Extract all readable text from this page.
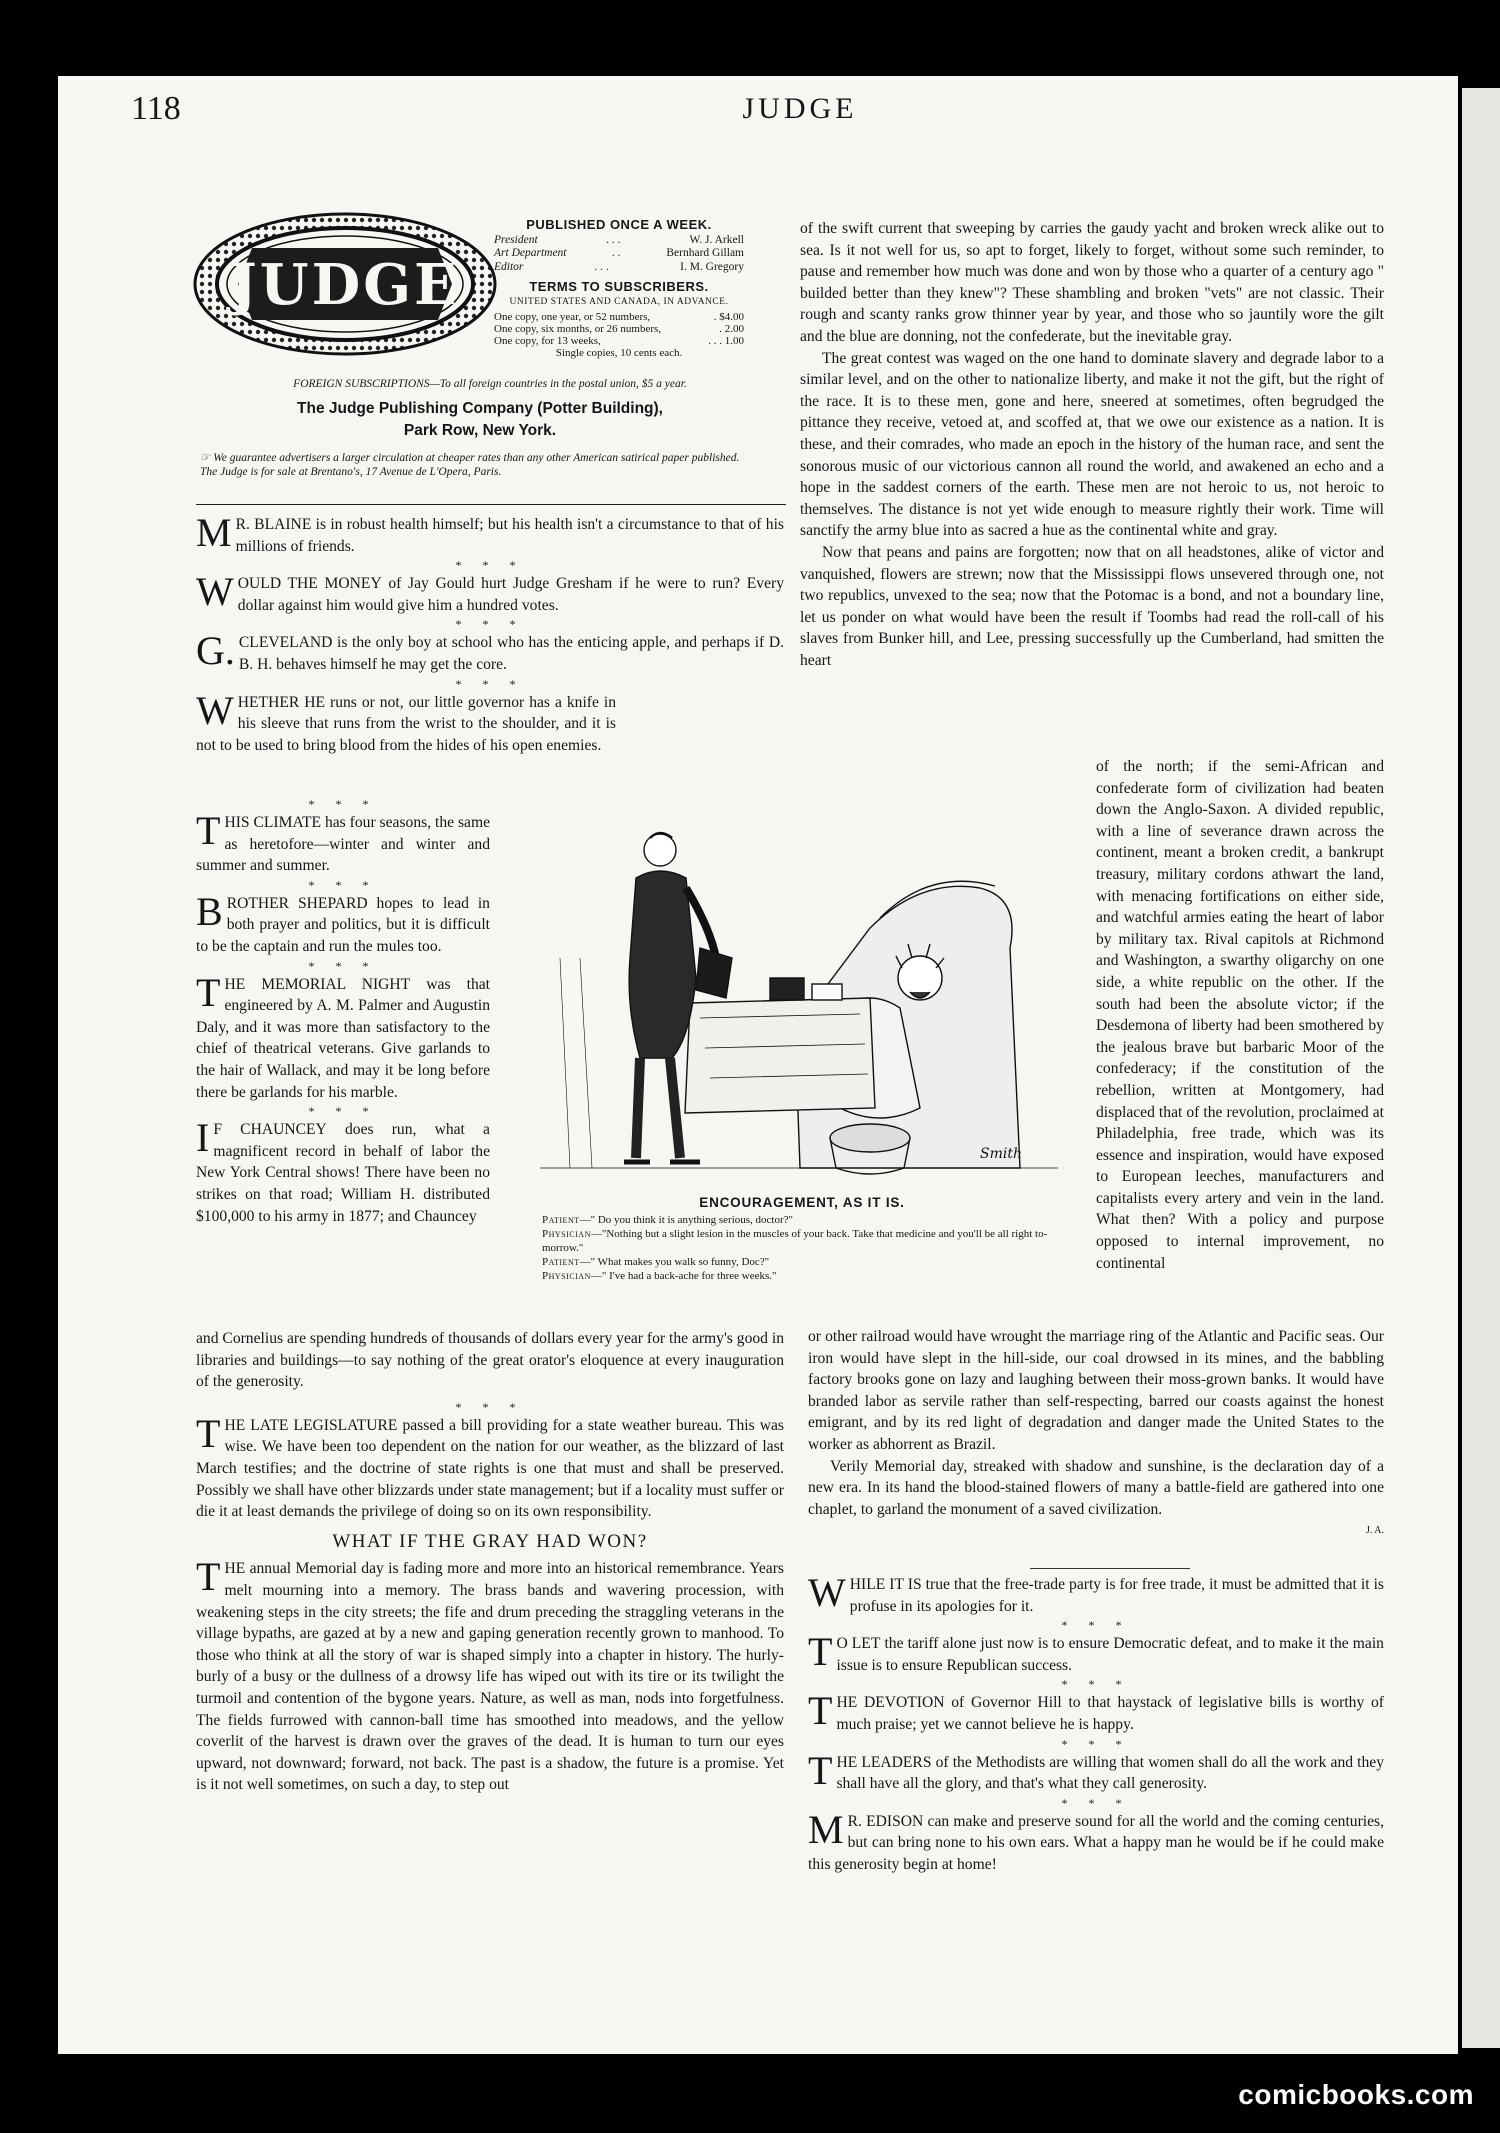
118	JUDGE
JUDGE
PUBLISHED ONCE A WEEK.
President	. . .	W. J. Arkell
Art Department	. .	Bernhard Gillam
Editor	. . .	I. M. Gregory
TERMS TO SUBSCRIBERS.
UNITED STATES AND CANADA, IN ADVANCE.
One copy, one year, or 52 numbers,	. $4.00
One copy, six months, or 26 numbers,	. 2.00
One copy, for 13 weeks,	. . . 1.00
Single copies, 10 cents each.
FOREIGN SUBSCRIPTIONS—To all foreign countries in the postal union, $5 a year.
The Judge Publishing Company (Potter Building),
Park Row, New York.
☞ We guarantee advertisers a larger circulation at cheaper rates than any other American satirical paper published.
The Judge is for sale at Brentano's, 17 Avenue de L'Opera, Paris.

M R. BLAINE is in robust health himself; but his health isn't a circumstance to that of his millions of friends.

* * *

WOULD THE MONEY of Jay Gould hurt Judge Gresham if he were to run? Every dollar against him would give him a hundred votes.

* * *

G. CLEVELAND is the only boy at school who has the enticing apple, and perhaps if D. B. H. behaves himself he may get the core.

* * *

WHETHER HE runs or not, our little governor has a knife in his sleeve that runs from the wrist to the shoulder, and it is not to be used to bring blood from the hides of his open enemies.

* * *

THIS CLIMATE has four seasons, the same as heretofore—winter and winter and summer and summer.

* * *

BROTHER SHEPARD hopes to lead in both prayer and politics, but it is difficult to be the captain and run the mules too.

* * *

THE MEMORIAL NIGHT was that engineered by A. M. Palmer and Augustin Daly, and it was more than satisfactory to the chief of theatrical veterans. Give garlands to the hair of Wallack, and may it be long before there be garlands for his marble.

* * *

I F CHAUNCEY does run, what a magnificent record in behalf of labor the New York Central shows! There have been no strikes on that road; William H. distributed $100,000 to his army in 1877; and Chauncey

and Cornelius are spending hundreds of thousands of dollars every year for the army's good in libraries and buildings—to say nothing of the great orator's eloquence at every inauguration of the generosity.

* * *

THE LATE LEGISLATURE passed a bill providing for a state weather bureau. This was wise. We have been too dependent on the nation for our weather, as the blizzard of last March testifies; and the doctrine of state rights is one that must and shall be preserved. Possibly we shall have other blizzards under state management; but if a locality must suffer or die it at least demands the privilege of doing so on its own responsibility.

WHAT IF THE GRAY HAD WON?

THE annual Memorial day is fading more and more into an historical remembrance. Years melt mourning into a memory. The brass bands and wavering procession, with weakening steps in the city streets; the fife and drum preceding the straggling veterans in the village bypaths, are gazed at by a new and gaping generation recently grown to manhood. To those who think at all the story of war is shaped simply into a chapter in history. The hurly-burly of a busy or the dullness of a drowsy life has wiped out with its tire or its twilight the turmoil and contention of the bygone years. Nature, as well as man, nods into forgetfulness. The fields furrowed with cannon-ball time has smoothed into meadows, and the yellow coverlit of the harvest is drawn over the graves of the dead. It is human to turn our eyes upward, not downward; forward, not back. The past is a shadow, the future is a promise. Yet is it not well sometimes, on such a day, to step out

of the swift current that sweeping by carries the gaudy yacht and broken wreck alike out to sea. Is it not well for us, so apt to forget, likely to forget, without some such reminder, to pause and remember how much was done and won by those who a quarter of a century ago " builded better than they knew"? These shambling and broken "vets" are not classic. Their rough and scanty ranks grow thinner year by year, and those who so jauntily wore the gilt and the blue are donning, not the confederate, but the inevitable gray.

The great contest was waged on the one hand to dominate slavery and degrade labor to a similar level, and on the other to nationalize liberty, and make it not the gift, but the right of the race. It is to these men, gone and here, sneered at sometimes, often begrudged the pittance they receive, vetoed at, and scoffed at, that we owe our existence as a nation. It is these, and their comrades, who made an epoch in the history of the human race, and sent the sonorous music of our victorious cannon all round the world, and awakened an echo and a hope in the saddest corners of the earth. These men are not heroic to us, not heroic to themselves. The distance is not yet wide enough to measure rightly their work. Time will sanctify the army blue into as sacred a hue as the continental white and gray.

Now that peans and pains are forgotten; now that on all headstones, alike of victor and vanquished, flowers are strewn; now that the Mississippi flows unsevered through one, not two republics, unvexed to the sea; now that the Potomac is a bond, and not a boundary line, let us ponder on what would have been the result if Toombs had read the roll-call of his slaves from Bunker hill, and Lee, pressing successfully up the Cumberland, had smitten the heart

of the north; if the semi-African and confederate form of civilization had beaten down the Anglo-Saxon. A divided republic, with a line of severance drawn across the continent, meant a broken credit, a bankrupt treasury, military cordons athwart the land, with menacing fortifications on either side, and watchful armies eating the heart of labor by military tax. Rival capitols at Richmond and Washington, a swarthy oligarchy on one side, a white republic on the other. If the south had been the absolute victor; if the Desdemona of liberty had been smothered by the jealous brave but barbaric Moor of the confederacy; if the constitution of the rebellion, written at Montgomery, had displaced that of the revolution, proclaimed at Philadelphia, free trade, which was its essence and inspiration, would have exposed to European leeches, manufacturers and capitalists every artery and vein in the land. What then? With a policy and purpose opposed to internal improvement, no continental

or other railroad would have wrought the marriage ring of the Atlantic and Pacific seas. Our iron would have slept in the hill-side, our coal drowsed in its mines, and the babbling factory brooks gone on lazy and laughing between their moss-grown banks. It would have branded labor as servile rather than self-respecting, barred our coasts against the honest emigrant, and by its red light of degradation and danger made the United States to the worker as abhorrent as Brazil.

Verily Memorial day, streaked with shadow and sunshine, is the declaration day of a new era. In its hand the blood-stained flowers of many a battle-field are gathered into one chaplet, to garland the monument of a saved civilization.

J. A.

WHILE IT IS true that the free-trade party is for free trade, it must be admitted that it is profuse in its apologies for it.

* * *

T O LET the tariff alone just now is to ensure Democratic defeat, and to make it the main issue is to ensure Republican success.

* * *

THE DEVOTION of Governor Hill to that haystack of legislative bills is worthy of much praise; yet we cannot believe he is happy.

* * *

THE LEADERS of the Methodists are willing that women shall do all the work and they shall have all the glory, and that's what they call generosity.

* * *

M R. EDISON can make and preserve sound for all the world and the coming centuries, but can bring none to his own ears. What a happy man he would be if he could make this generosity begin at home!

Smith
ENCOURAGEMENT, AS IT IS.
Patient—" Do you think it is anything serious, doctor?"
Physician—"Nothing but a slight lesion in the muscles of your back. Take that medicine and you'll be all right to-morrow."
Patient—" What makes you walk so funny, Doc?"
Physician—" I've had a back-ache for three weeks."
comicbooks.com
